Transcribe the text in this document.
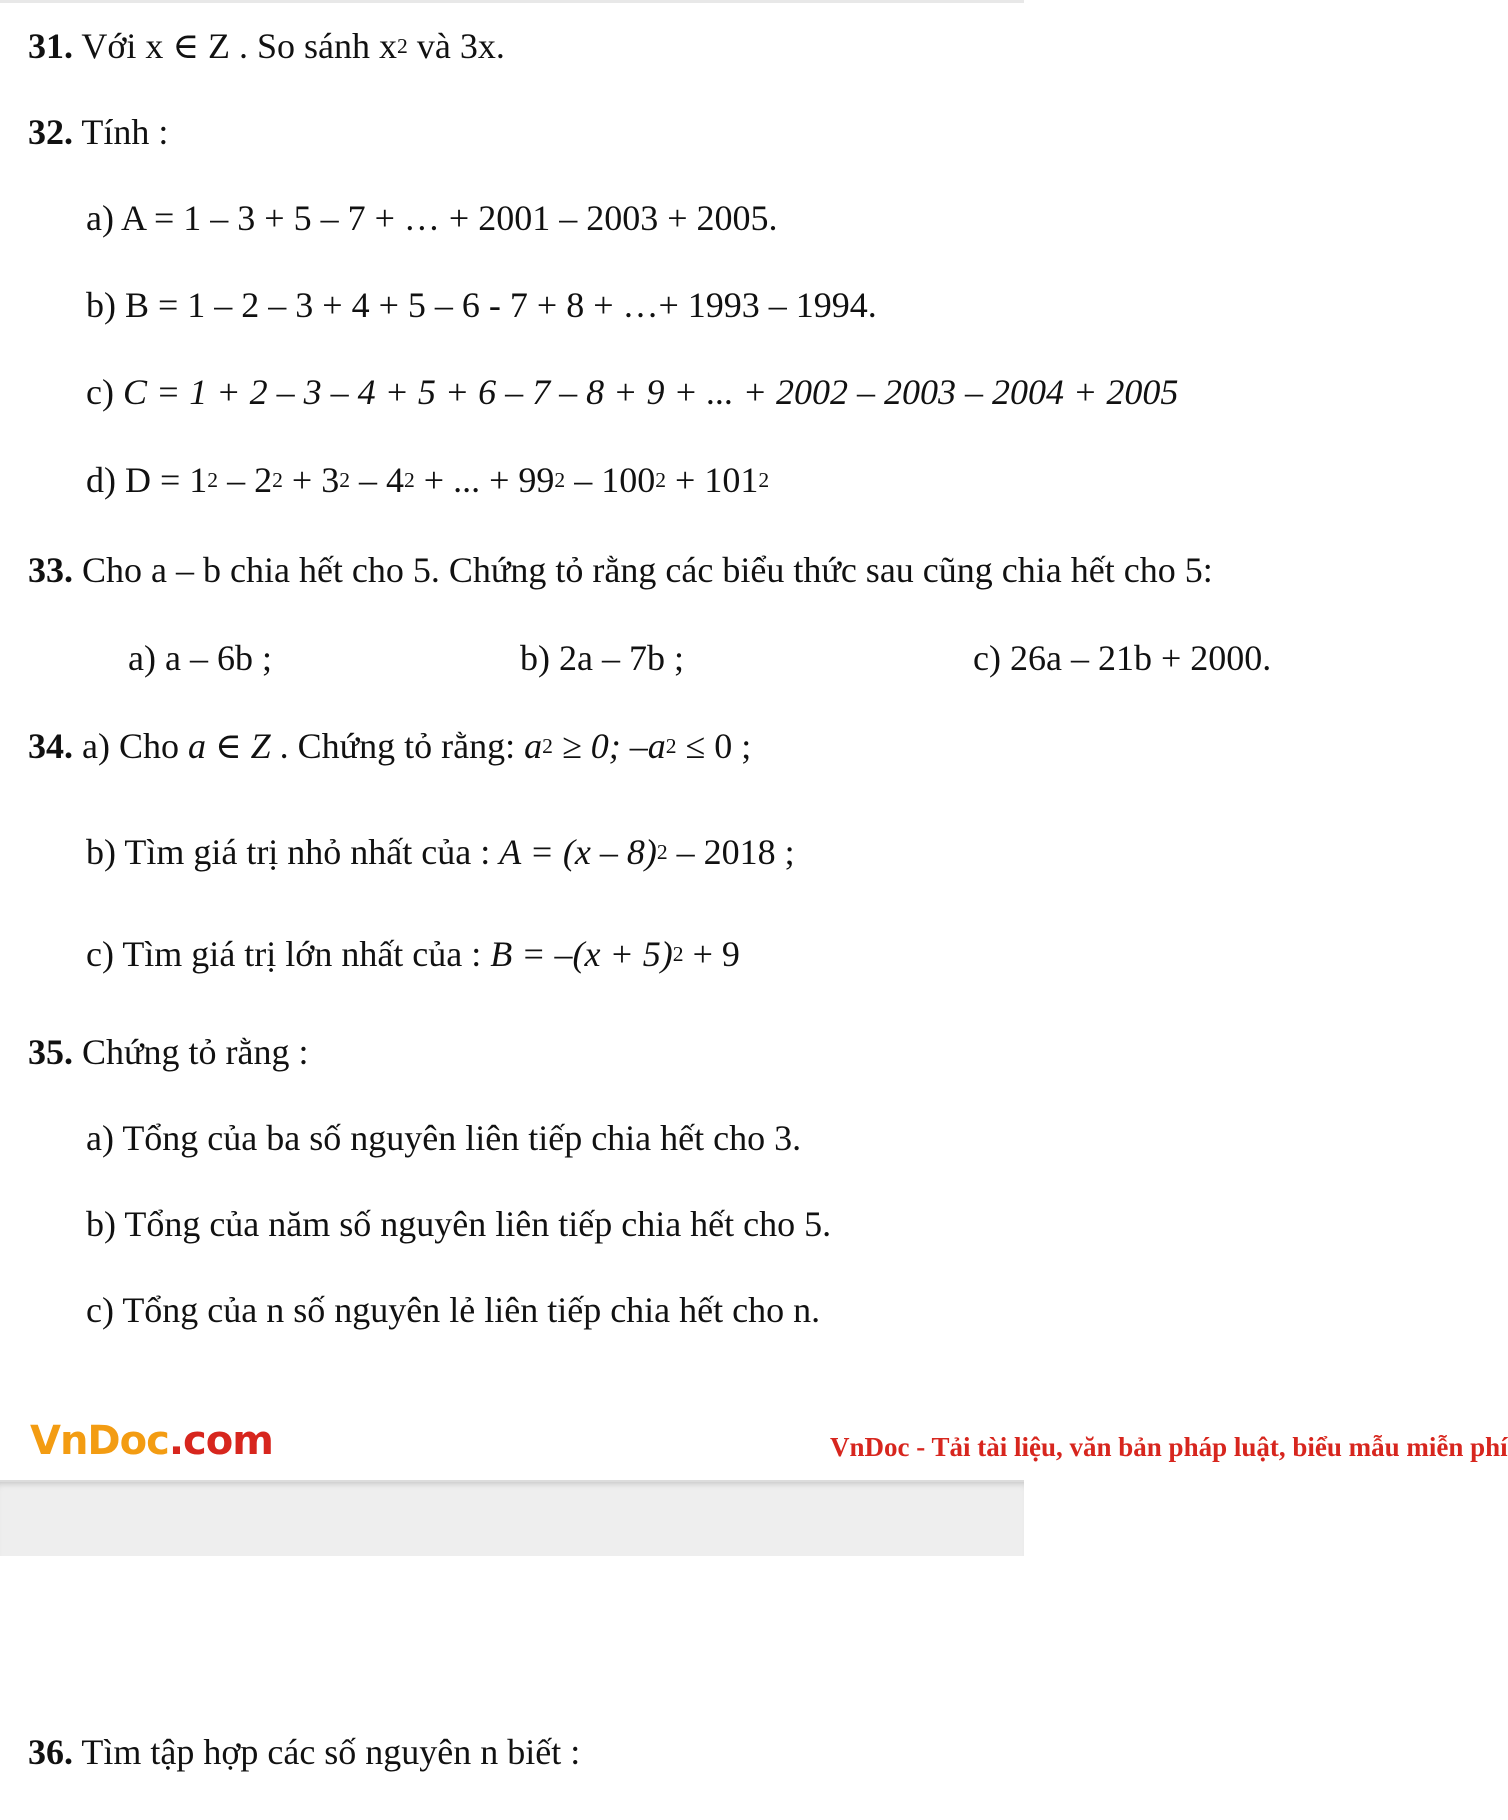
31. Với x ∈ Z . So sánh $x^2$ và 3x.
32. Tính :
a) A = 1 – 3 + 5 – 7 + … + 2001 – 2003 + 2005.
b) B = 1 – 2 – 3 + 4 + 5 – 6 - 7 + 8 + …+ 1993 – 1994.
c) C = 1 + 2 – 3 – 4 + 5 + 6 – 7 – 8 + 9 + ... + 2002 – 2003 – 2004 + 2005
d) $D = 1^2 - 2^2 + 3^2 - 4^2$ + ... + $99^2 - 100^2 + 101^2$
33. Cho a – b chia hết cho 5. Chứng tỏ rằng các biểu thức sau cũng chia hết cho 5:
a) a – 6b ;	b) 2a – 7b ;	c) 26a – 21b + 2000.
34. a) Cho a ∈ Z . Chứng tỏ rằng: $a^2 \ge 0$; $-a^2 \le 0$ ;
b) Tìm giá trị nhỏ nhất của : A = (x – 8)$^2$ – 2018 ;
c) Tìm giá trị lớn nhất của : $B = -(x + 5)^2 + 9$
35. Chứng tỏ rằng :
a) Tổng của ba số nguyên liên tiếp chia hết cho 3.
b) Tổng của năm số nguyên liên tiếp chia hết cho 5.
c) Tổng của n số nguyên lẻ liên tiếp chia hết cho n.
VnDoc.com	VnDoc - Tải tài liệu, văn bản pháp luật, biểu mẫu miễn phí
36. Tìm tập hợp các số nguyên n biết :
